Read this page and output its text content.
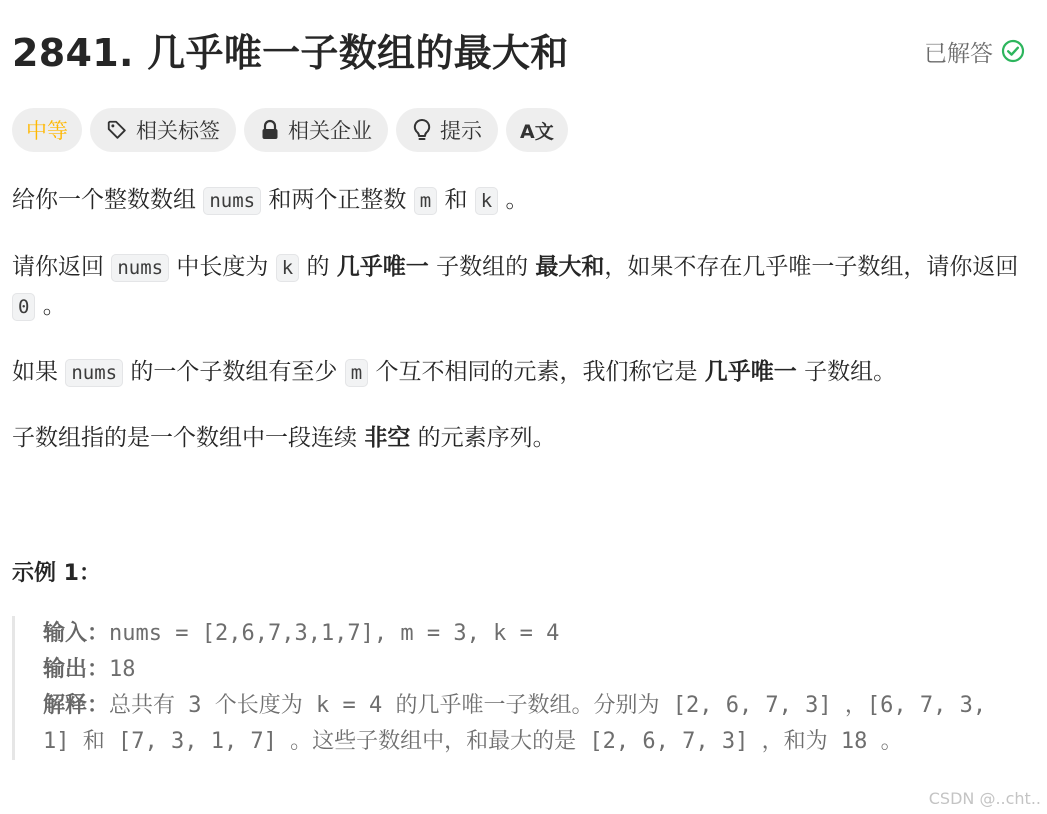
2841. 几乎唯一子数组的最大和	已解答
中等	相关标签	相关企业	提示 A文

给你一个整数数组 nums 和两个正整数 m 和 k 。

请你返回 nums 中长度为 k 的 几乎唯一 子数组的 最大和，如果不存在几乎唯一子数组，请你返回 0 。

如果 nums 的一个子数组有至少 m 个互不相同的元素，我们称它是 几乎唯一 子数组。

子数组指的是一个数组中一段连续 非空 的元素序列。

示例 1：
输入：nums = [2,6,7,3,1,7], m = 3, k = 4
输出：18
解释：总共有 3 个长度为 k = 4 的几乎唯一子数组。分别为 [2, 6, 7, 3] ，[6, 7, 3, 1] 和 [7, 3, 1, 7] 。这些子数组中，和最大的是 [2, 6, 7, 3] ，和为 18 。
CSDN @..cht..
